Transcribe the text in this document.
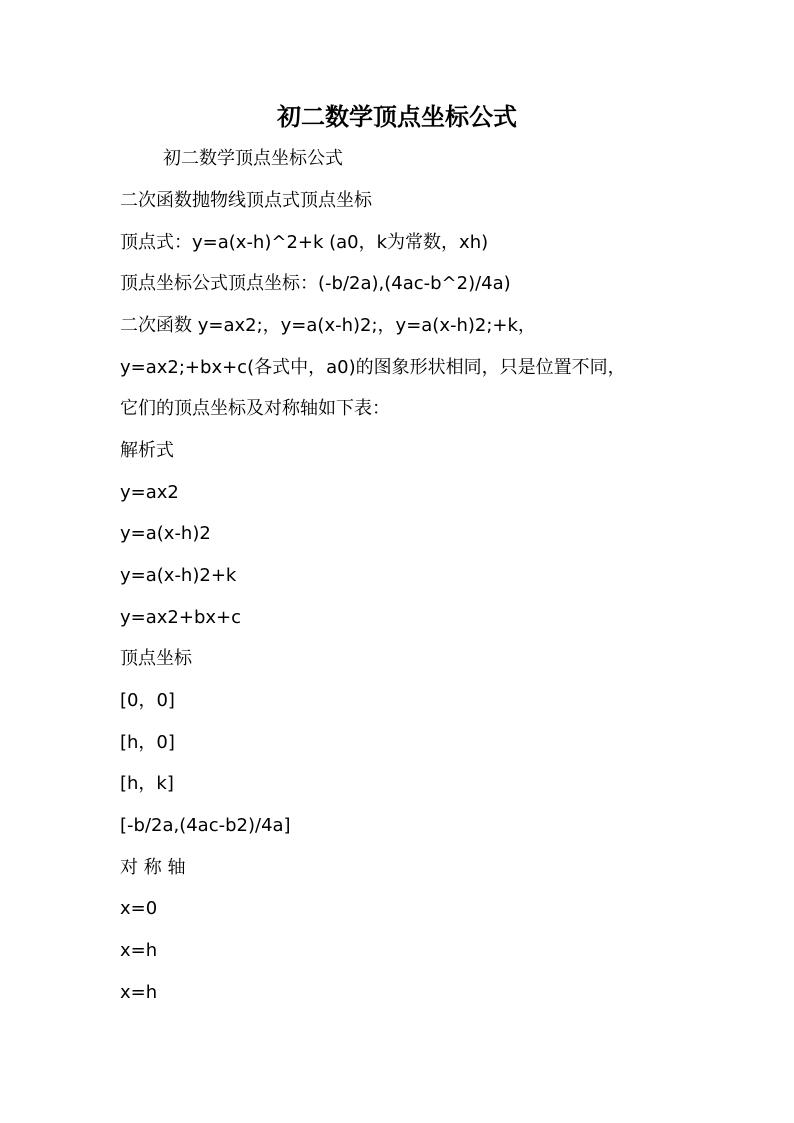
初二数学顶点坐标公式
初二数学顶点坐标公式
二次函数抛物线顶点式顶点坐标
顶点式：y=a(x-h)^2+k (a0，k为常数，xh)
顶点坐标公式顶点坐标：(-b/2a),(4ac-b^2)/4a)
二次函数 y=ax2;，y=a(x-h)2;，y=a(x-h)2;+k，
y=ax2;+bx+c(各式中，a0)的图象形状相同，只是位置不同，
它们的顶点坐标及对称轴如下表：
解析式
y=ax2
y=a(x-h)2
y=a(x-h)2+k
y=ax2+bx+c
顶点坐标
[0，0]
[h，0]
[h，k]
[-b/2a,(4ac-b2)/4a]
对 称 轴
x=0
x=h
x=h
